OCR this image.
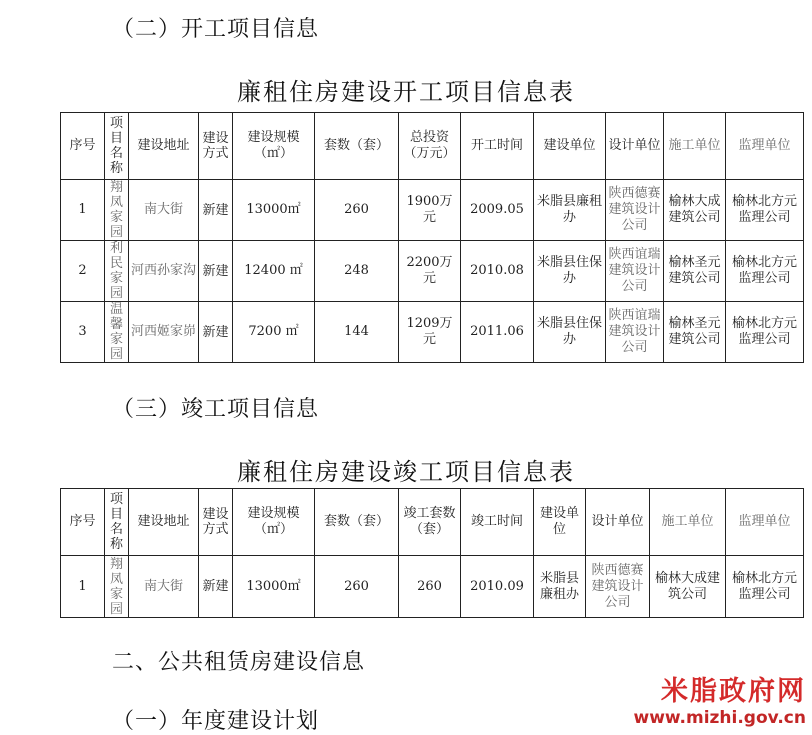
（二）开工项目信息
廉租住房建设开工项目信息表
序号	项目名称	建设地址	建设方式	建设规模（㎡）	套数（套）	总投资（万元）	开工时间	建设单位	设计单位	施工单位	监理单位
1	翔凤家园	南大街	新建	13000㎡	260	1900万元	2009.05	米脂县廉租办	陕西德赛建筑设计公司	榆林大成建筑公司	榆林北方元监理公司
2	利民家园	河西孙家沟	新建	12400 ㎡	248	2200万元	2010.08	米脂县住保办	陕西谊瑞建筑设计公司	榆林圣元建筑公司	榆林北方元监理公司
3	温馨家园	河西姬家峁	新建	7200 ㎡	144	1209万元	2011.06	米脂县住保办	陕西谊瑞建筑设计公司	榆林圣元建筑公司	榆林北方元监理公司
（三）竣工项目信息
廉租住房建设竣工项目信息表
序号	项目名称	建设地址	建设方式	建设规模（㎡）	套数（套）	竣工套数（套）	竣工时间	建设单位	设计单位	施工单位	监理单位
1	翔凤家园	南大街	新建	13000㎡	260	260	2010.09	米脂县廉租办	陕西德赛建筑设计公司	榆林大成建筑公司	榆林北方元监理公司
二、公共租赁房建设信息
（一）年度建设计划
米脂政府网
www.mizhi.gov.cn
